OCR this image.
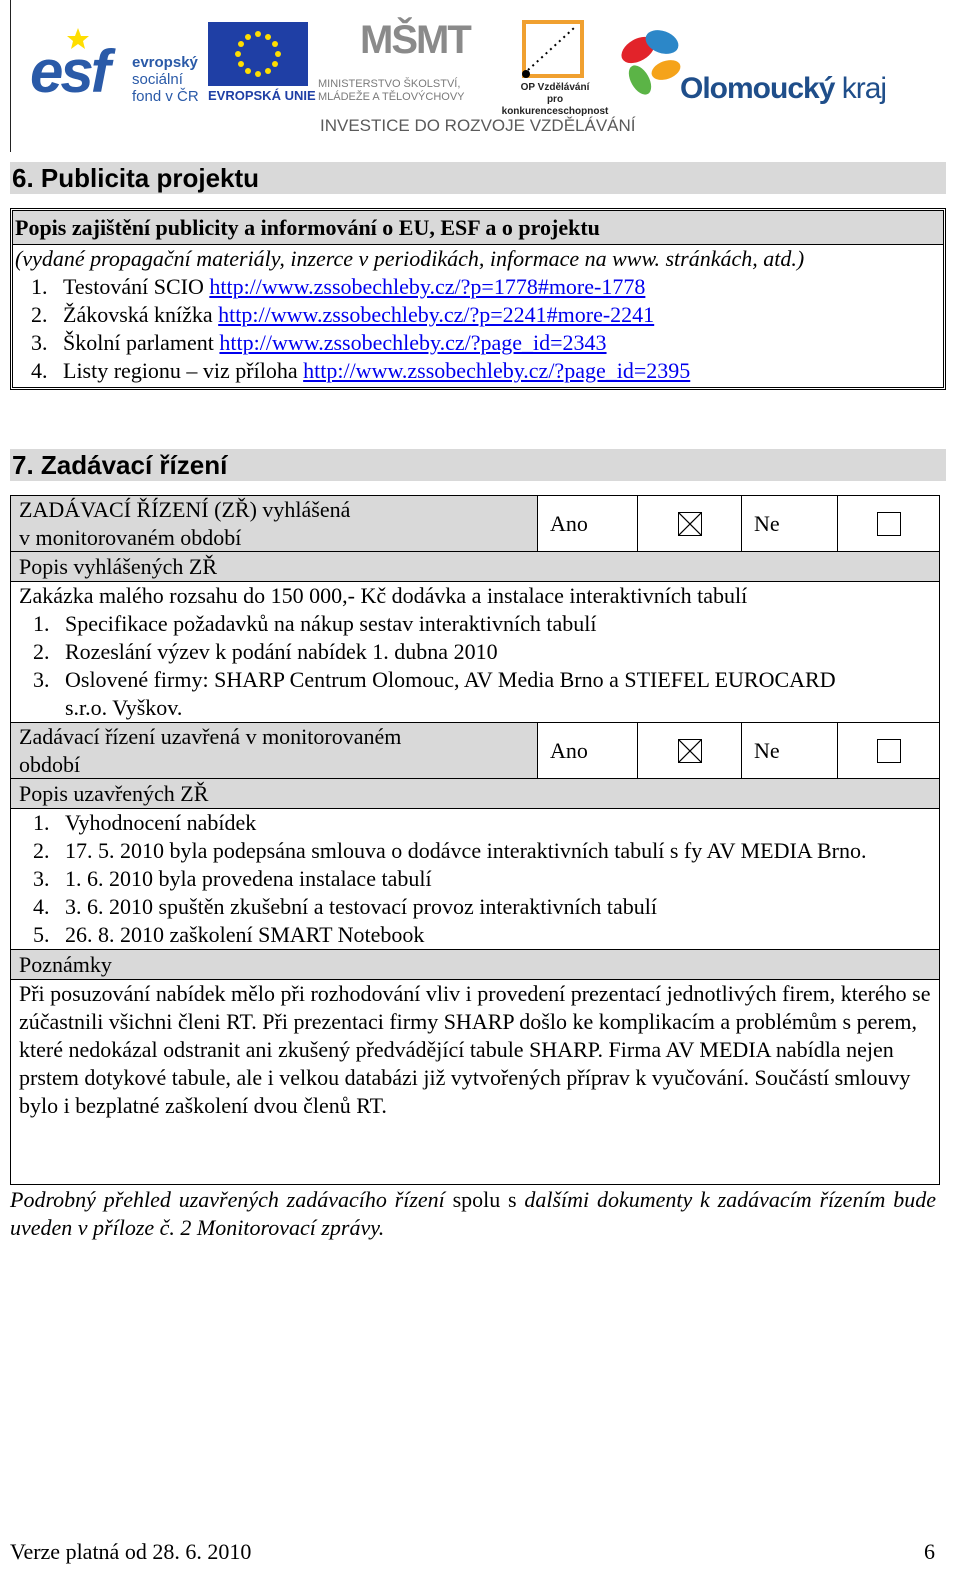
esf evropský
sociální
fond v ČR EVROPSKÁ UNIE
MŠMT
MINISTERSTVO ŠKOLSTVÍ,
MLÁDEŽE A TĚLOVÝCHOVY
OP Vzdělávání
pro konkurenceschopnost
Olomoucký kraj
INVESTICE DO ROZVOJE VZDĚLÁVÁNÍ
6. Publicita projektu
Popis zajištění publicity a informování o EU, ESF a o projektu
(vydané propagační materiály, inzerce v periodikách, informace na www. stránkách, atd.)
1. Testování SCIO http://www.zssobechleby.cz/?p=1778#more-1778
2. Žákovská knížka http://www.zssobechleby.cz/?p=2241#more-2241
3. Školní parlament http://www.zssobechleby.cz/?page_id=2343
4. Listy regionu – viz příloha http://www.zssobechleby.cz/?page_id=2395
7. Zadávací řízení
ZADÁVACÍ ŘÍZENÍ (ZŘ) vyhlášená
v monitorovaném období
Ano	Ne
Popis vyhlášených ZŘ
Zakázka malého rozsahu do 150 000,- Kč dodávka a instalace interaktivních tabulí
1. Specifikace požadavků na nákup sestav interaktivních tabulí
2. Rozeslání výzev k podání nabídek 1. dubna 2010
3. Oslovené firmy: SHARP Centrum Olomouc, AV Media Brno a STIEFEL EUROCARD s.r.o. Vyškov.
Zadávací řízení uzavřená v monitorovaném
období
Ano	Ne
Popis uzavřených ZŘ
1. Vyhodnocení nabídek
2. 17. 5. 2010 byla podepsána smlouva o dodávce interaktivních tabulí s fy AV MEDIA Brno.
3. 1. 6. 2010 byla provedena instalace tabulí
4. 3. 6. 2010 spuštěn zkušební a testovací provoz interaktivních tabulí
5. 26. 8. 2010 zaškolení SMART Notebook
Poznámky
Při posuzování nabídek mělo při rozhodování vliv i provedení prezentací jednotlivých firem, kterého se zúčastnili všichni členi RT. Při prezentaci firmy SHARP došlo ke komplikacím a problémům s perem, které nedokázal odstranit ani zkušený předvádějící tabule SHARP. Firma AV MEDIA nabídla nejen prstem dotykové tabule, ale i velkou databázi již vytvořených příprav k vyučování. Součástí smlouvy bylo i bezplatné zaškolení dvou členů RT.
Podrobný přehled uzavřených zadávacího řízení spolu s dalšími dokumenty k zadávacím řízením bude uveden v příloze č. 2 Monitorovací zprávy.
Verze platná od 28. 6. 2010	6
